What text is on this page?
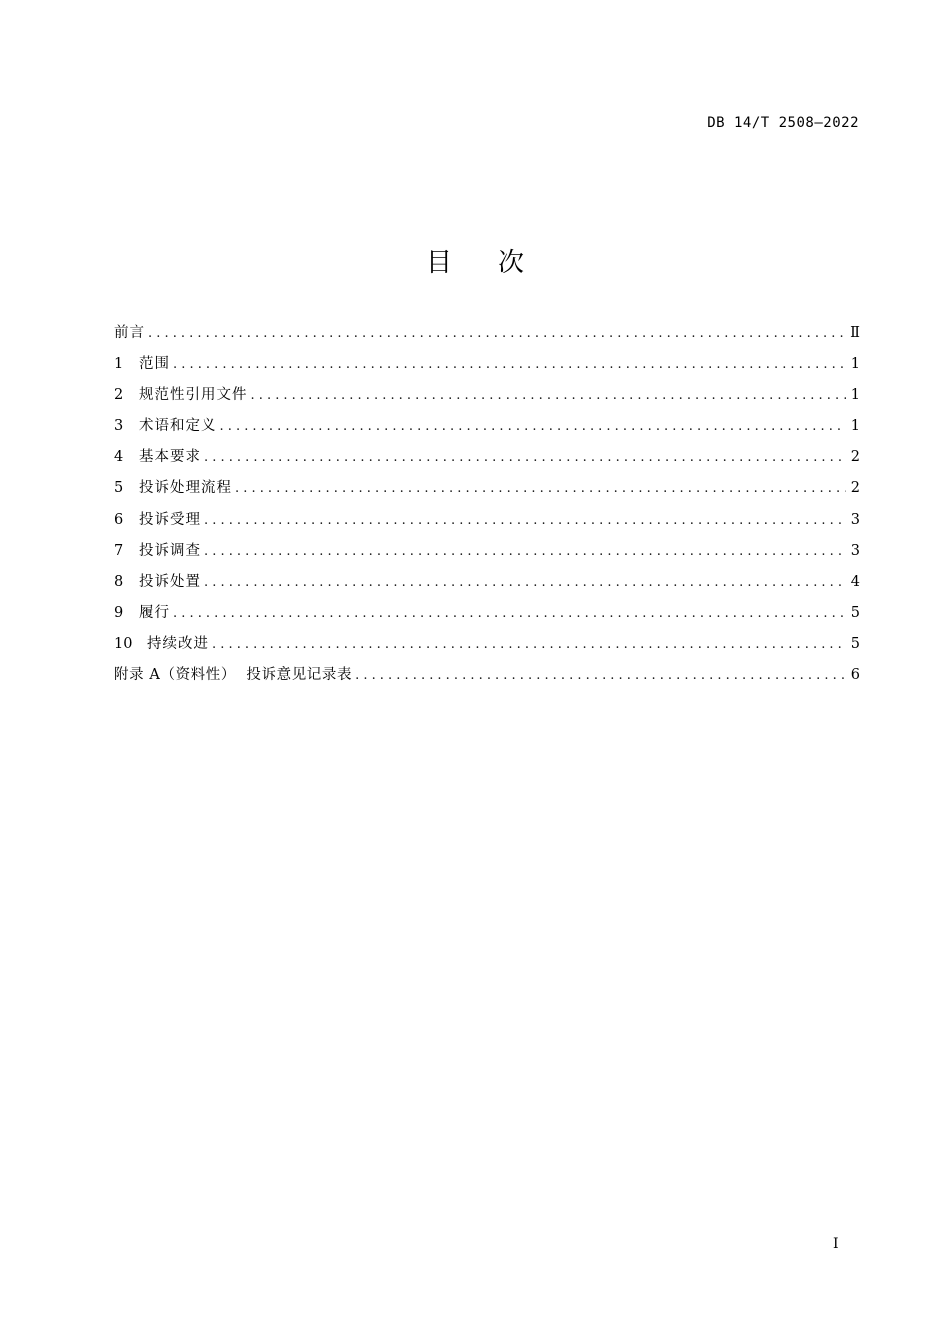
DB 14/T 2508—2022
目次
前言 .....	Ⅱ
1	范围 .....	1
2	规范性引用文件 .....	1
3	术语和定义 .....	1
4	基本要求 .....	2
5	投诉处理流程 .....	2
6	投诉受理 .....	3
7	投诉调查 .....	3
8	投诉处置 .....	4
9	履行 .....	5
10	持续改进 .....	5
附录 A（资料性）  投诉意见记录表 .....	6
I
